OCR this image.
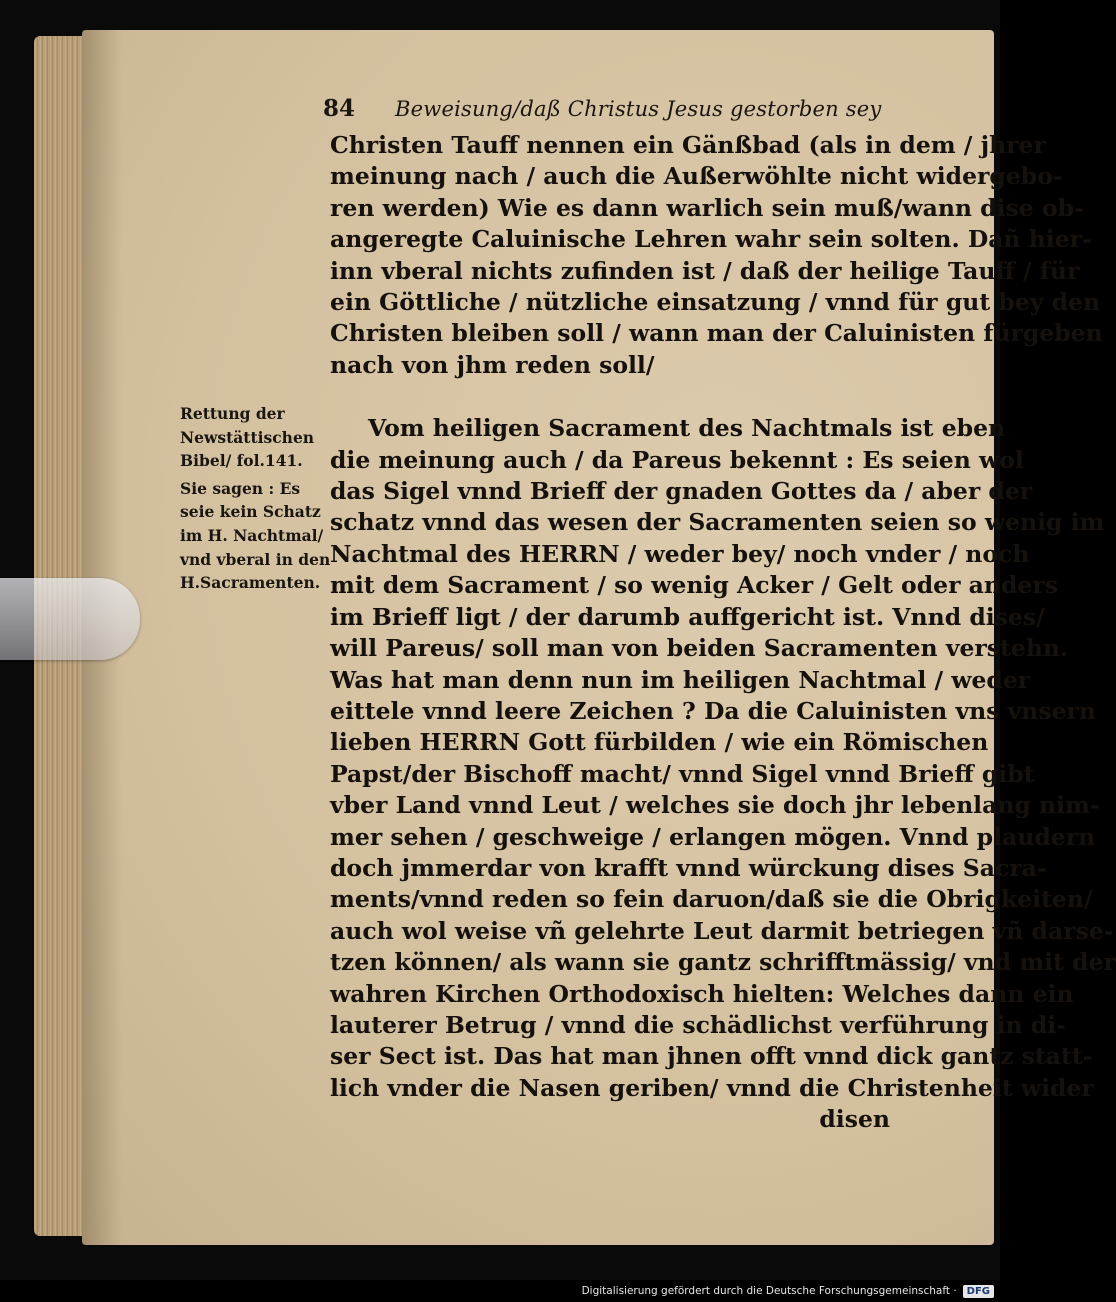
84 Beweisung/daß Christus Jesus gestorben sey
Christen Tauff nennen ein Gänßbad (als in dem / jhrer
meinung nach / auch die Außerwöhlte nicht widergebo-
ren werden) Wie es dann warlich sein muß/wann dise ob-
angeregte Caluinische Lehren wahr sein solten. Dañ hier-
inn vberal nichts zufinden ist / daß der heilige Tauff / für
ein Göttliche / nützliche einsatzung / vnnd für gut bey den
Christen bleiben soll / wann man der Caluinisten fürgeben
nach von jhm reden soll/
Vom heiligen Sacrament des Nachtmals ist eben
die meinung auch / da Pareus bekennt : Es seien wol
das Sigel vnnd Brieff der gnaden Gottes da / aber der
schatz vnnd das wesen der Sacramenten seien so wenig im
Nachtmal des HERRN / weder bey/ noch vnder / noch
mit dem Sacrament / so wenig Acker / Gelt oder anders
im Brieff ligt / der darumb auffgericht ist. Vnnd dises/
will Pareus/ soll man von beiden Sacramenten verstehn.
Was hat man denn nun im heiligen Nachtmal / weder
eittele vnnd leere Zeichen ? Da die Caluinisten vns vnsern
lieben HERRN Gott fürbilden / wie ein Römischen
Papst/der Bischoff macht/ vnnd Sigel vnnd Brieff gibt
vber Land vnnd Leut / welches sie doch jhr lebenlang nim-
mer sehen / geschweige / erlangen mögen. Vnnd plaudern
doch jmmerdar von krafft vnnd würckung dises Sacra-
ments/vnnd reden so fein daruon/daß sie die Obrigkeiten/
auch wol weise vñ gelehrte Leut darmit betriegen vñ darse-
tzen können/ als wann sie gantz schrifftmässig/ vnd mit der
wahren Kirchen Orthodoxisch hielten: Welches dann ein
lauterer Betrug / vnnd die schädlichst verführung in di-
ser Sect ist. Das hat man jhnen offt vnnd dick gantz statt-
lich vnder die Nasen geriben/ vnnd die Christenheit wider
disen
Rettung der
Newstättischen
Bibel/ fol.141.
Sie sagen : Es
seie kein Schatz
im H. Nachtmal/
vnd vberal in den
H.Sacramenten.
Digitalisierung gefördert durch die Deutsche Forschungsgemeinschaft ·	DFG
